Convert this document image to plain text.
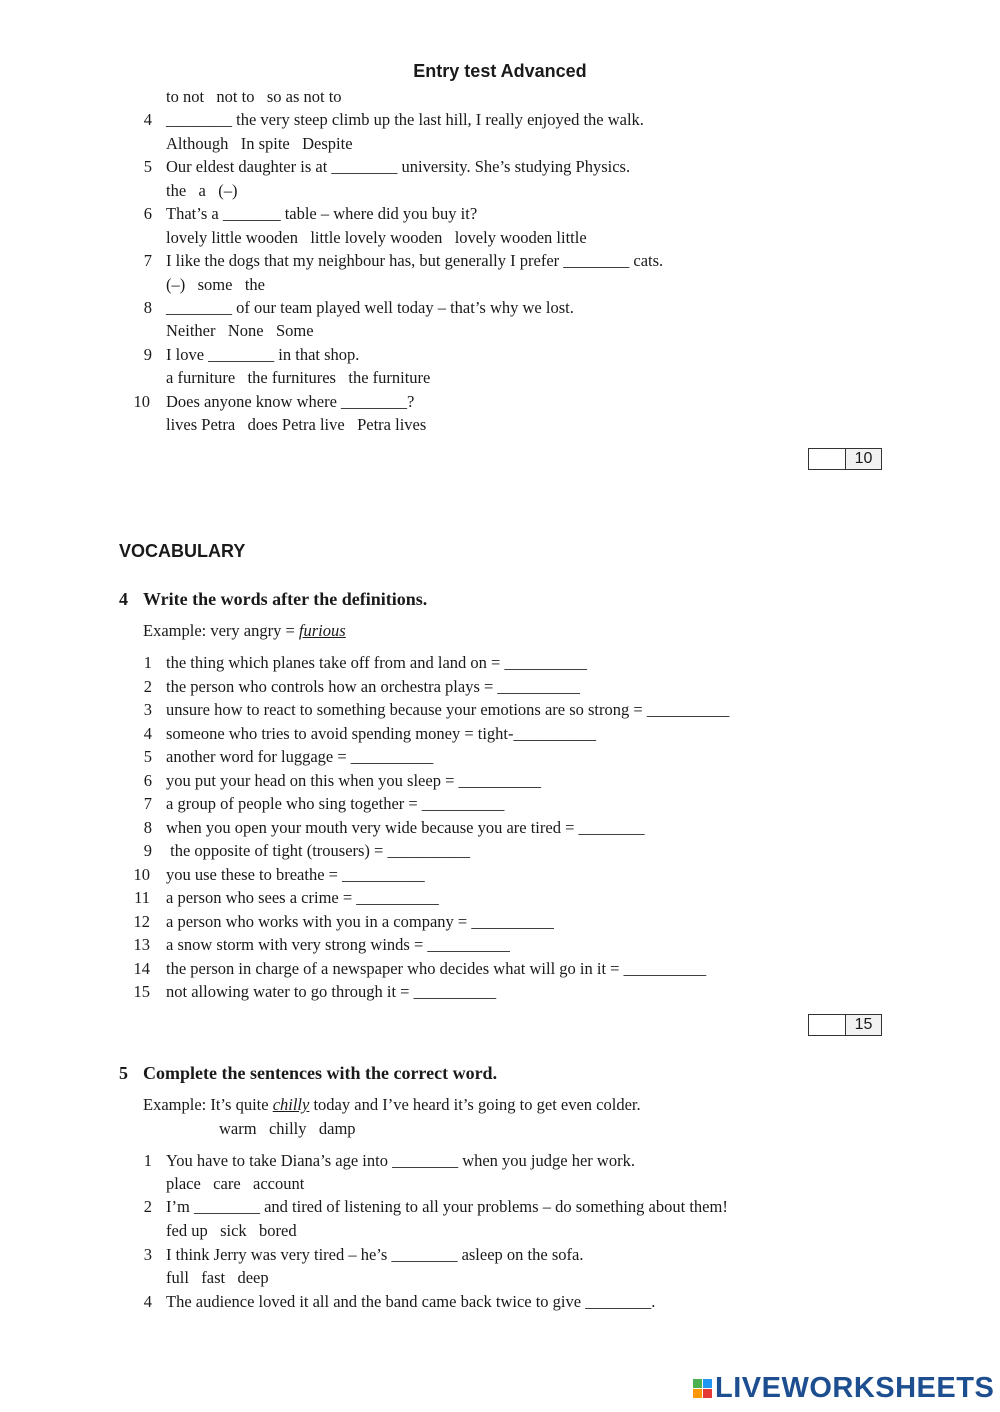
Entry test Advanced
to not   not to   so as not to
4 ________ the very steep climb up the last hill, I really enjoyed the walk.
Although   In spite   Despite
5 Our eldest daughter is at ________ university. She’s studying Physics.
the   a   (–)
6 That’s a _______ table – where did you buy it?
lovely little wooden   little lovely wooden   lovely wooden little
7 I like the dogs that my neighbour has, but generally I prefer ________ cats.
(–)   some   the
8 ________ of our team played well today – that’s why we lost.
Neither   None   Some
9 I love ________ in that shop.
a furniture   the furnitures   the furniture
10 Does anyone know where ________?
lives Petra   does Petra live   Petra lives
10
VOCABULARY
4 Write the words after the definitions.
Example: very angry = furious
1 the thing which planes take off from and land on = __________
2 the person who controls how an orchestra plays = __________
3 unsure how to react to something because your emotions are so strong = __________
4 someone who tries to avoid spending money = tight-__________
5 another word for luggage = __________
6 you put your head on this when you sleep = __________
7 a group of people who sing together = __________
8 when you open your mouth very wide because you are tired = ________
9 the opposite of tight (trousers) = __________
10 you use these to breathe = __________
11 a person who sees a crime = __________
12 a person who works with you in a company = __________
13 a snow storm with very strong winds = __________
14 the person in charge of a newspaper who decides what will go in it = __________
15 not allowing water to go through it = __________
15
5 Complete the sentences with the correct word.
Example: It’s quite chilly today and I’ve heard it’s going to get even colder.
warm   chilly   damp
1 You have to take Diana’s age into ________ when you judge her work.
place   care   account
2 I’m ________ and tired of listening to all your problems – do something about them!
fed up   sick   bored
3 I think Jerry was very tired – he’s ________ asleep on the sofa.
full   fast   deep
4 The audience loved it all and the band came back twice to give ________.
LIVEWORKSHEETS
